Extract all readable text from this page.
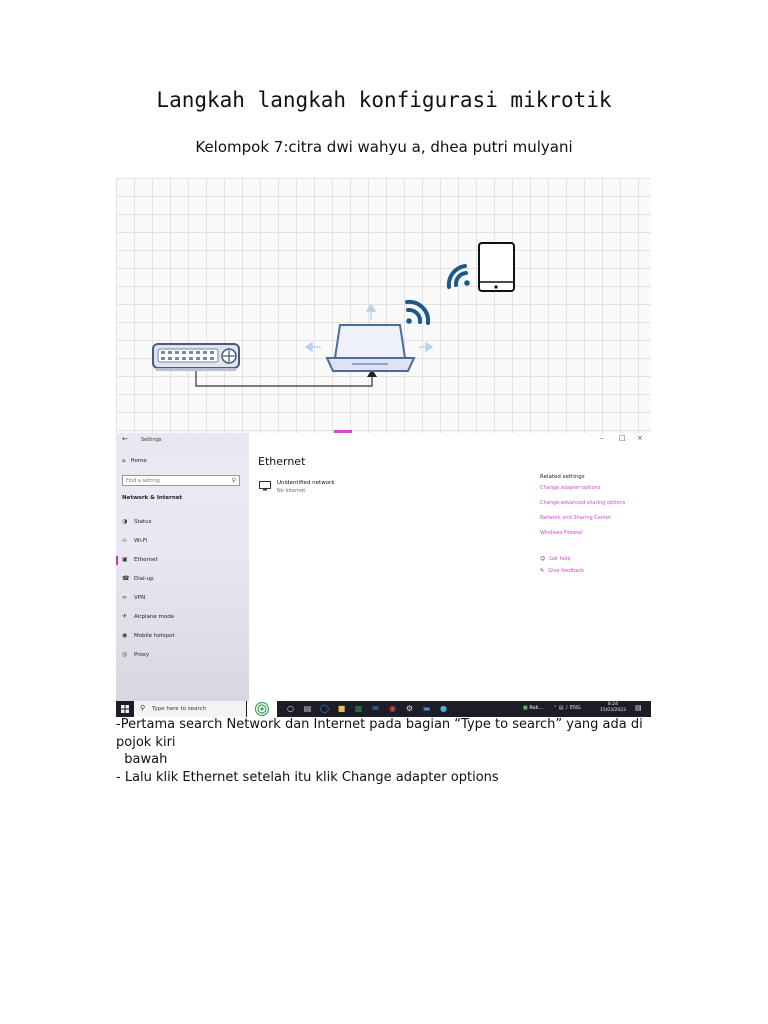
Langkah langkah konfigurasi mikrotik
Kelompok 7:citra dwi wahyu a, dhea putri mulyani
←	Settings
⌂ Home
Find a setting	⚲
Network & Internet
◑ Status
⊹ Wi-Fi
▣ Ethernet
☎ Dial-up
∞ VPN
✈ Airplane mode
◉ Mobile hotspot
◎ Proxy
– □ ×
Ethernet
Unidentified network
No Internet
Related settings
Change adapter options
Change advanced sharing options
Network and Sharing Center
Windows Firewall
☺ Get help
✎ Give feedback
⚲ Type here to search	○ ▤ ◯ ■ ▩ ✉ ◉ ⚙ ▬ ●	■ Rek... ⌃ ▤ ♪ ENG
8:24
15/03/2023 ▤

-Pertama search Network dan Internet pada bagian “Type to search” yang ada di

pojok kiri

bawah

- Lalu klik Ethernet setelah itu klik Change adapter options
